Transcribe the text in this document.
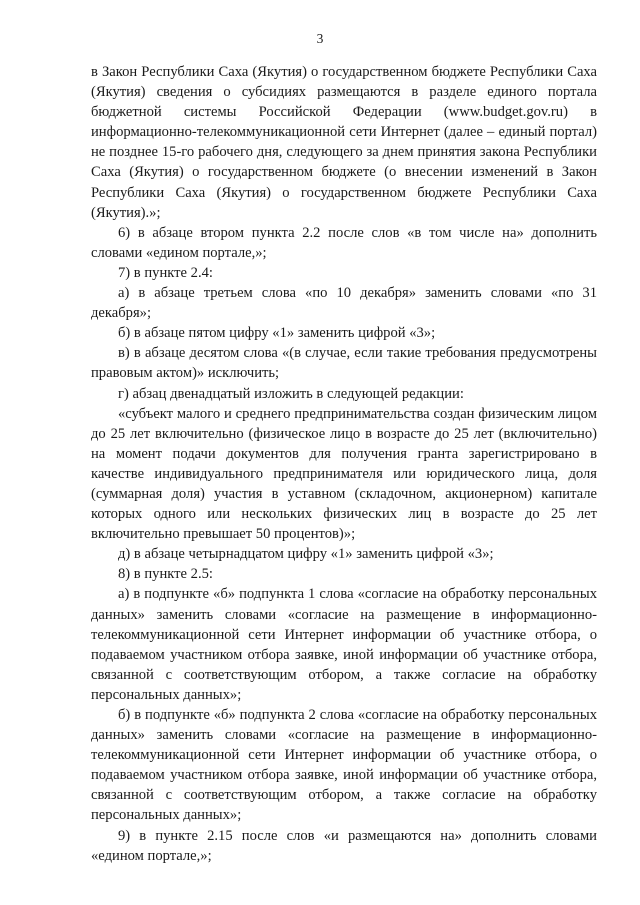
3

в Закон Республики Саха (Якутия) о государственном бюджете Республики Саха (Якутия) сведения о субсидиях размещаются в разделе единого портала бюджетной системы Российской Федерации (www.budget.gov.ru) в информационно-телекоммуникационной сети Интернет (далее – единый портал) не позднее 15-го рабочего дня, следующего за днем принятия закона Республики Саха (Якутия) о государственном бюджете (о внесении изменений в Закон Республики Саха (Якутия) о государственном бюджете Республики Саха (Якутия).»;

6) в абзаце втором пункта 2.2 после слов «в том числе на» дополнить словами «едином портале,»;

7) в пункте 2.4:

а) в абзаце третьем слова «по 10 декабря» заменить словами «по 31 декабря»;

б) в абзаце пятом цифру «1» заменить цифрой «3»;

в) в абзаце десятом слова «(в случае, если такие требования предусмотрены правовым актом)» исключить;

г) абзац двенадцатый изложить в следующей редакции:

«субъект малого и среднего предпринимательства создан физическим лицом до 25 лет включительно (физическое лицо в возрасте до 25 лет (включительно) на момент подачи документов для получения гранта зарегистрировано в качестве индивидуального предпринимателя или юридического лица, доля (суммарная доля) участия в уставном (складочном, акционерном) капитале которых одного или нескольких физических лиц в возрасте до 25 лет включительно превышает 50 процентов)»;

д) в абзаце четырнадцатом цифру «1» заменить цифрой «3»;

8) в пункте 2.5:

а) в подпункте «б» подпункта 1 слова «согласие на обработку персональных данных» заменить словами «согласие на размещение в информационно-телекоммуникационной сети Интернет информации об участнике отбора, о подаваемом участником отбора заявке, иной информации об участнике отбора, связанной с соответствующим отбором, а также согласие на обработку персональных данных»;

б) в подпункте «б» подпункта 2 слова «согласие на обработку персональных данных» заменить словами «согласие на размещение в информационно-телекоммуникационной сети Интернет информации об участнике отбора, о подаваемом участником отбора заявке, иной информации об участнике отбора, связанной с соответствующим отбором, а также согласие на обработку персональных данных»;

9) в пункте 2.15 после слов «и размещаются на» дополнить словами «едином портале,»;
